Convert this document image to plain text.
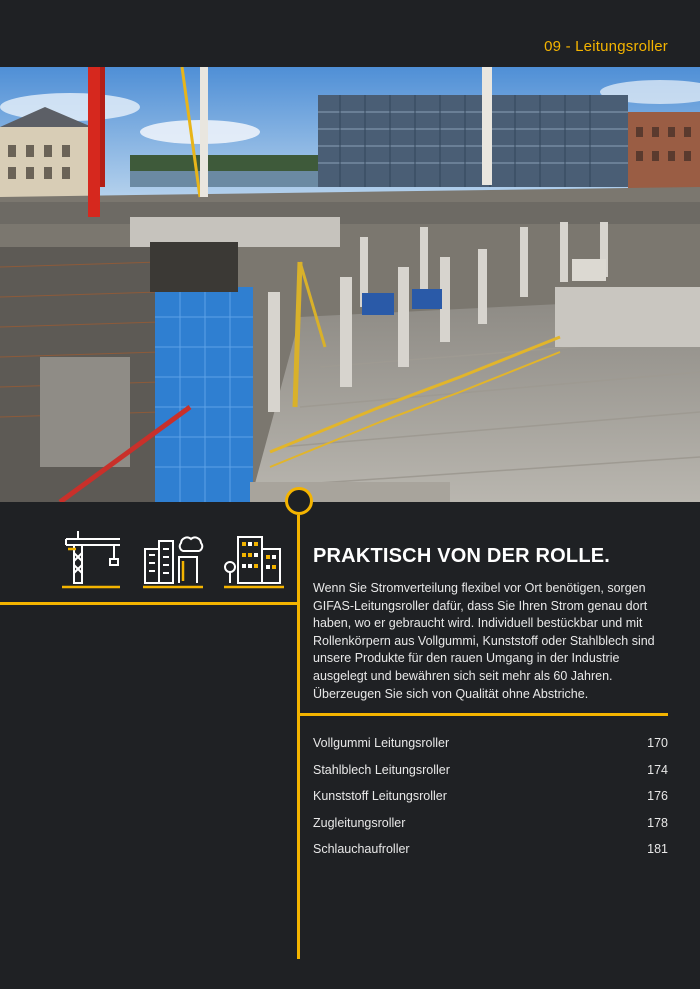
09 - Leitungsroller
PRAKTISCH VON DER ROLLE.
Wenn Sie Stromverteilung flexibel vor Ort benötigen, sorgen GIFAS-Leitungsroller dafür, dass Sie Ihren Strom genau dort haben, wo er gebraucht wird. Individuell bestückbar und mit Rollenkörpern aus Vollgummi, Kunststoff oder Stahlblech sind unsere Produkte für den rauen Umgang in der Industrie ausgelegt und bewähren sich seit mehr als 60 Jahren. Überzeugen Sie sich von Qualität ohne Abstriche.
Vollgummi Leitungsroller	170
Stahlblech Leitungsroller	174
Kunststoff Leitungsroller	176
Zugleitungsroller	178
Schlauchaufroller	181
